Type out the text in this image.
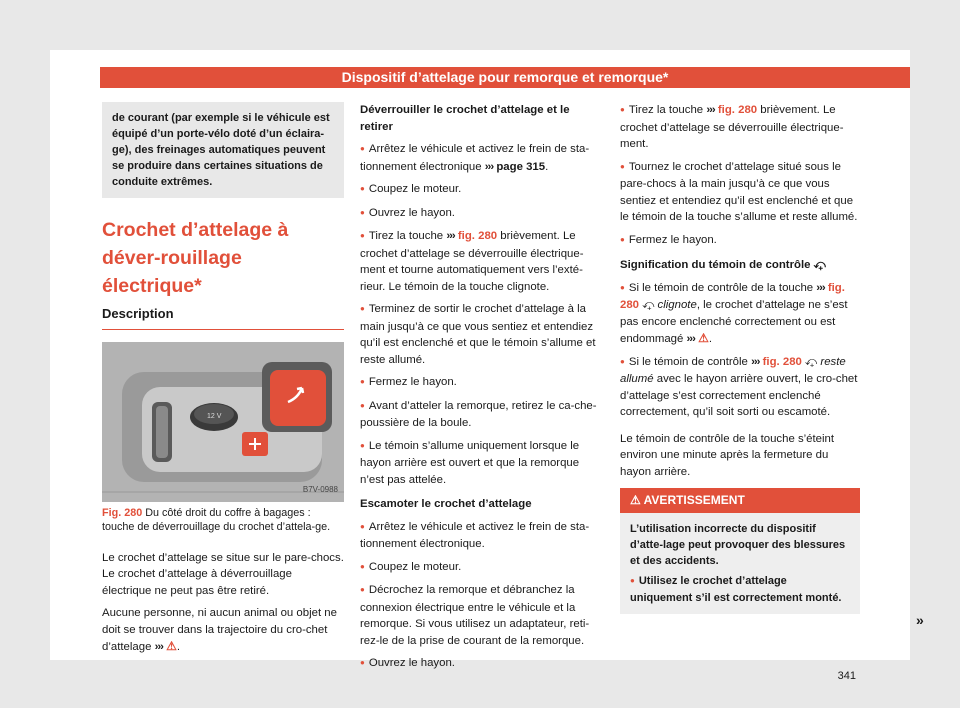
Dispositif d’attelage pour remorque et remorque*
de courant (par exemple si le véhicule est équipé d’un porte-vélo doté d’un éclaira-ge), des freinages automatiques peuvent se produire dans certaines situations de conduite extrêmes.
Crochet d’attelage à déver-rouillage électrique*
Description
12 V
B7V-0988
Fig. 280 Du côté droit du coffre à bagages : touche de déverrouillage du crochet d’attela-ge.

Le crochet d’attelage se situe sur le pare-chocs. Le crochet d’attelage à déverrouillage électrique ne peut pas être retiré.

Aucune personne, ni aucun animal ou objet ne doit se trouver dans la trajectoire du cro-chet d’attelage ››› ⚠.

Déverrouiller le crochet d’attelage et le retirer

● Arrêtez le véhicule et activez le frein de sta-tionnement électronique ››› page 315.

● Coupez le moteur.

● Ouvrez le hayon.

● Tirez la touche ››› fig. 280 brièvement. Le crochet d’attelage se déverrouille électrique-ment et tourne automatiquement vers l’exté-rieur. Le témoin de la touche clignote.

● Terminez de sortir le crochet d’attelage à la main jusqu’à ce que vous sentiez et entendiez qu’il est enclenché et que le témoin s’allume et reste allumé.

● Fermez le hayon.

● Avant d’atteler la remorque, retirez le ca-che-poussière de la boule.

● Le témoin s’allume uniquement lorsque le hayon arrière est ouvert et que la remorque n’est pas attelée.

Escamoter le crochet d’attelage

● Arrêtez le véhicule et activez le frein de sta-tionnement électronique.

● Coupez le moteur.

● Décrochez la remorque et débranchez la connexion électrique entre le véhicule et la remorque. Si vous utilisez un adaptateur, reti-rez-le de la prise de courant de la remorque.

● Ouvrez le hayon.

● Tirez la touche ››› fig. 280 brièvement. Le crochet d’attelage se déverrouille électrique-ment.

● Tournez le crochet d’attelage situé sous le pare-chocs à la main jusqu’à ce que vous sentiez et entendiez qu’il est enclenché et que le témoin de la touche s’allume et reste allumé.

● Fermez le hayon.

Signification du témoin de contrôle ⤽

● Si le témoin de contrôle de la touche ››› fig. 280 ⤽ clignote, le crochet d’attelage ne s’est pas encore enclenché correctement ou est endommagé ››› ⚠.

● Si le témoin de contrôle ››› fig. 280 ⤽ reste allumé avec le hayon arrière ouvert, le cro-chet d’attelage s’est correctement enclenché correctement, qu’il soit sorti ou escamoté.

Le témoin de contrôle de la touche s’éteint environ une minute après la fermeture du hayon arrière.

⚠ AVERTISSEMENT
L’utilisation incorrecte du dispositif d’atte-lage peut provoquer des blessures et des accidents.
● Utilisez le crochet d’attelage uniquement s’il est correctement monté.
»
341
